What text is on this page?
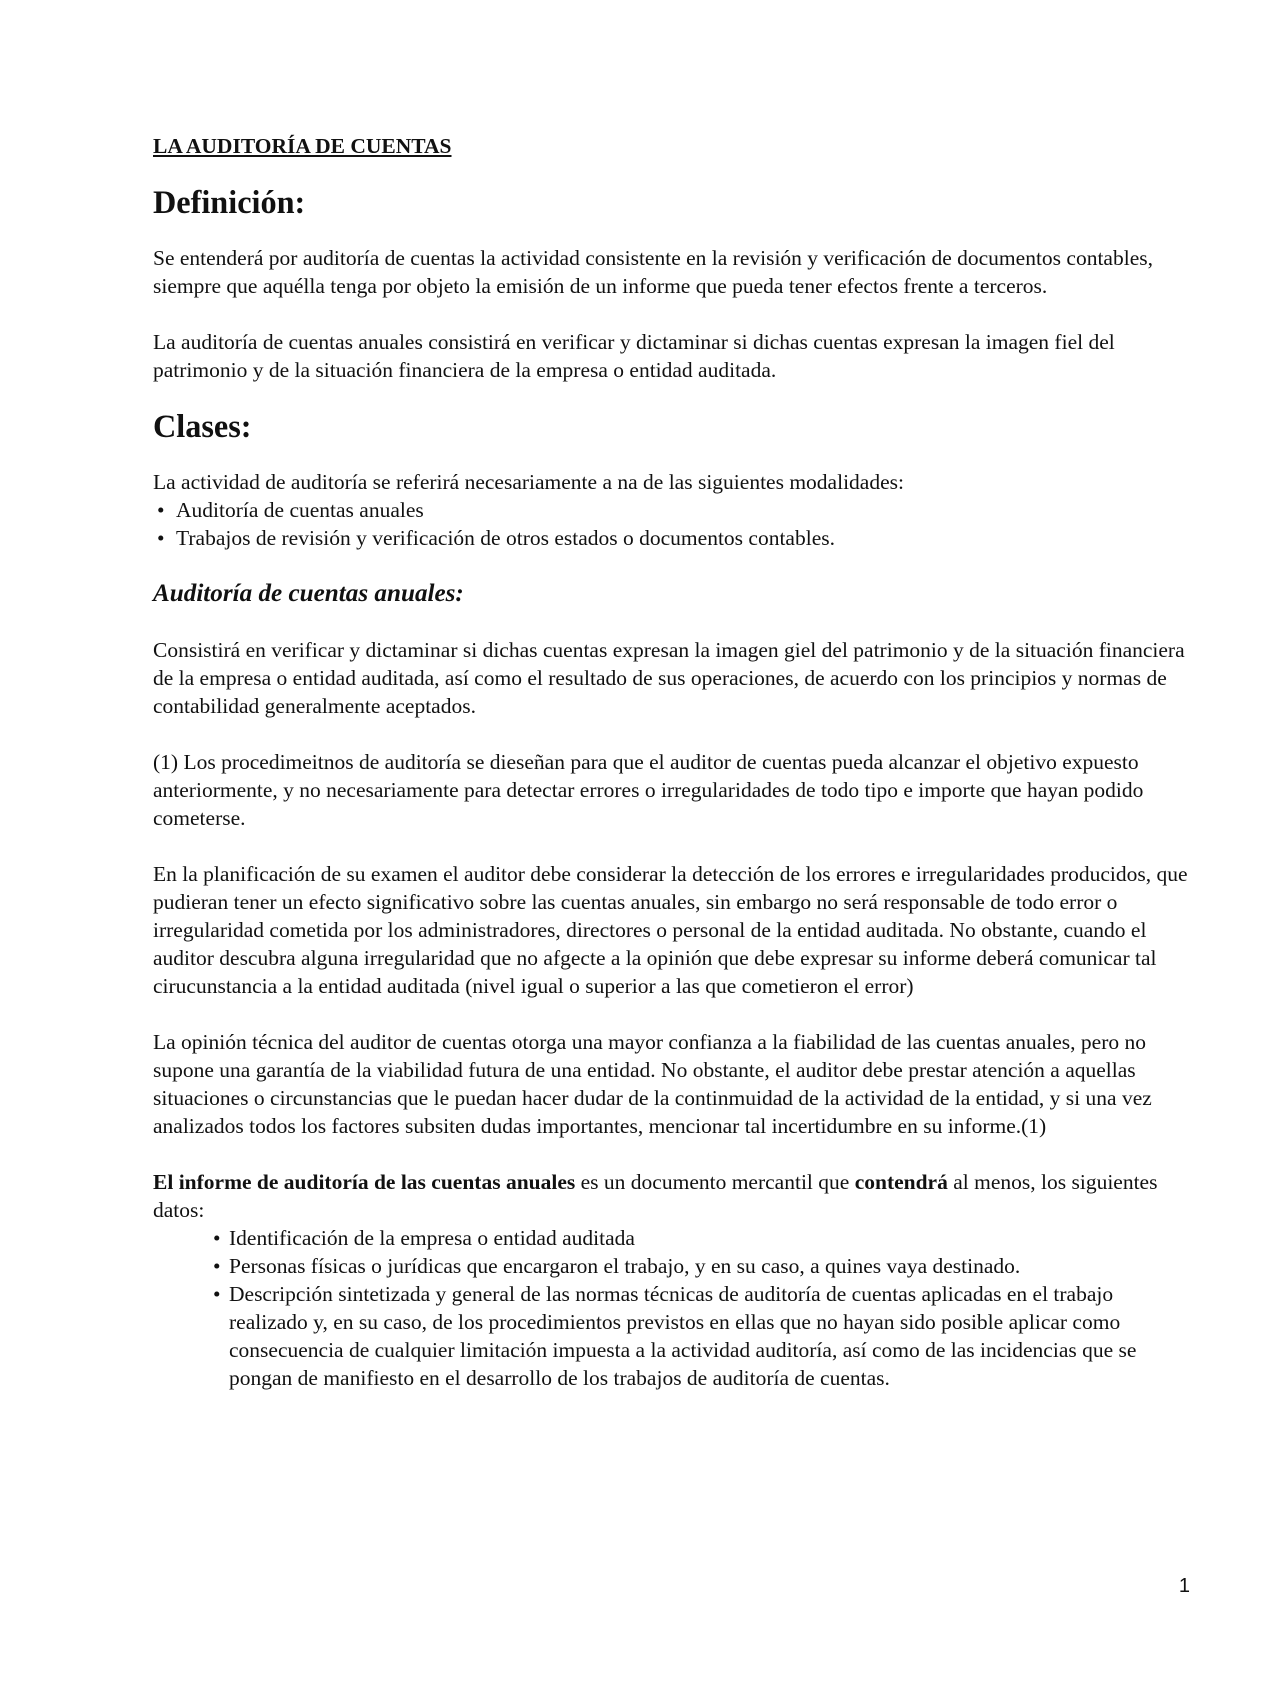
LA AUDITORÍA DE CUENTAS
Definición:

Se entenderá por auditoría de cuentas la actividad consistente en la revisión y verificación de documentos contables, siempre que aquélla tenga por objeto la emisión de un informe que pueda tener efectos frente a terceros.

La auditoría de cuentas anuales consistirá en verificar y dictaminar si dichas cuentas expresan la imagen fiel del patrimonio y de la situación financiera de la empresa o entidad auditada.

Clases:

La actividad de auditoría se referirá necesariamente a na de las siguientes modalidades:

• Auditoría de cuentas anuales
• Trabajos de revisión y verificación de otros estados o documentos contables.
Auditoría de cuentas anuales:

Consistirá en verificar y dictaminar si dichas cuentas expresan la imagen giel del patrimonio y de la situación financiera de la empresa o entidad auditada, así como el resultado de sus operaciones, de acuerdo con los principios y normas de contabilidad generalmente aceptados.

(1) Los procedimeitnos de auditoría se dieseñan para que el auditor de cuentas pueda alcanzar el objetivo expuesto anteriormente, y no necesariamente para detectar errores o irregularidades de todo tipo e importe que hayan podido cometerse.

En la planificación de su examen el auditor debe considerar la detección de los errores e irregularidades producidos, que pudieran tener un efecto significativo sobre las cuentas anuales, sin embargo no será responsable de todo error o irregularidad cometida por los administradores, directores o personal de la entidad auditada. No obstante, cuando el auditor descubra alguna irregularidad que no afgecte a la opinión que debe expresar su informe deberá comunicar tal cirucunstancia a la entidad auditada (nivel igual o superior a las que cometieron el error)

La opinión técnica del auditor de cuentas otorga una mayor confianza a la fiabilidad de las cuentas anuales, pero no supone una garantía de la viabilidad futura de una entidad. No obstante, el auditor debe prestar atención a aquellas situaciones o circunstancias que le puedan hacer dudar de la continmuidad de la actividad de la entidad, y si una vez analizados todos los factores subsiten dudas importantes, mencionar tal incertidumbre en su informe.(1)

El informe de auditoría de las cuentas anuales es un documento mercantil que contendrá al menos, los siguientes datos:

• Identificación de la empresa o entidad auditada
• Personas físicas o jurídicas que encargaron el trabajo, y en su caso, a quines vaya destinado.
• Descripción sintetizada y general de las normas técnicas de auditoría de cuentas aplicadas en el trabajo realizado y, en su caso, de los procedimientos previstos en ellas que no hayan sido posible aplicar como consecuencia de cualquier limitación impuesta a la actividad auditoría, así como de las incidencias que se pongan de manifiesto en el desarrollo de los trabajos de auditoría de cuentas.
1
